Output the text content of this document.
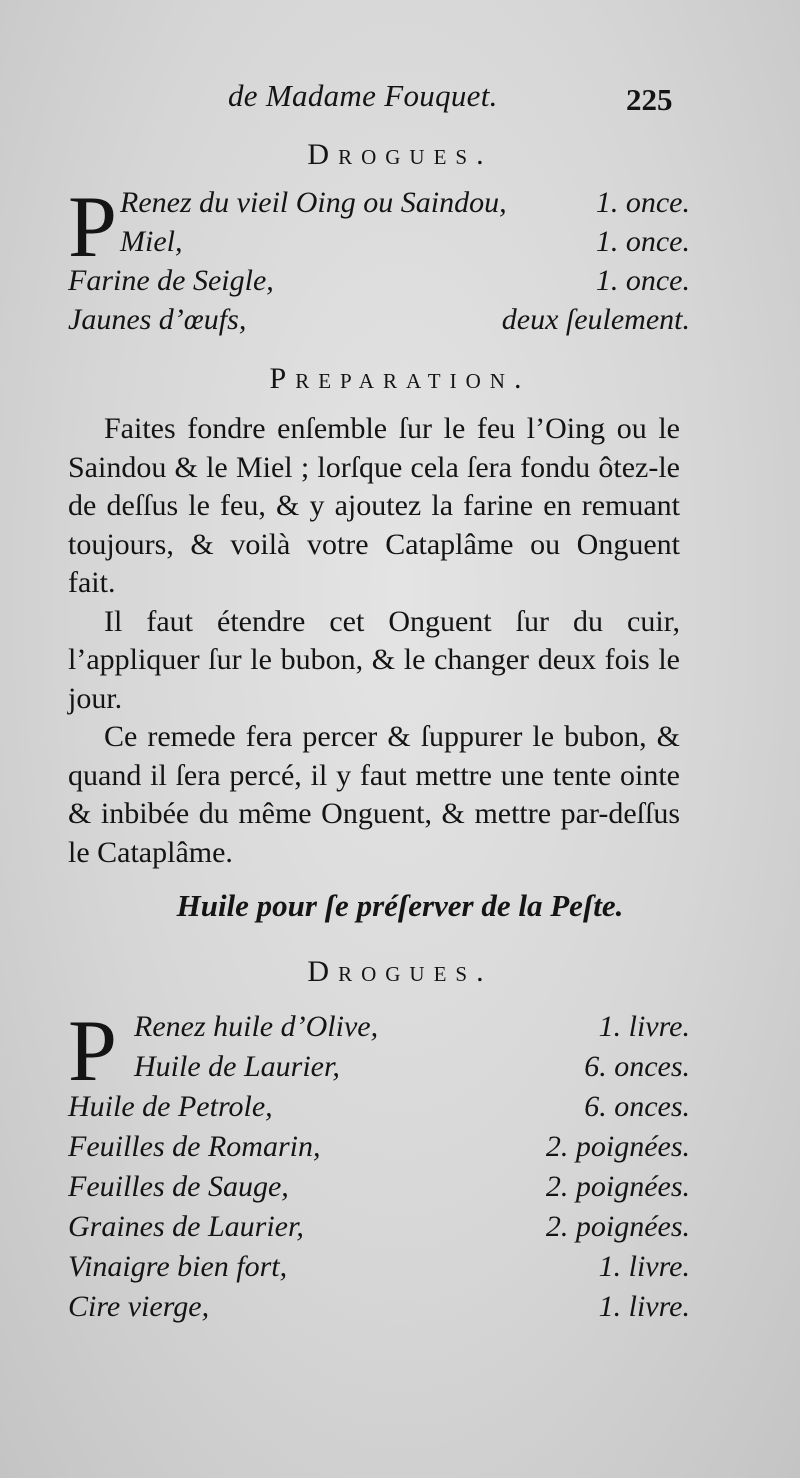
de Madame Fouquet.	225
Drogues.
P Renez du vieil Oing ou Saindou,	1. once.
Miel,	1. once.
Farine de Seigle,	1. once.
Jaunes d’œufs,	deux ſeulement.
Preparation.

Faites fondre enſemble ſur le feu l’Oing ou le Saindou & le Miel ; lorſque cela ſera fondu ôtez-le de deſſus le feu, & y ajoutez la farine en remuant toujours, & voilà votre Cataplâme ou Onguent fait.

Il faut étendre cet Onguent ſur du cuir, l’appliquer ſur le bubon, & le changer deux fois le jour.

Ce remede fera percer & ſuppurer le bubon, & quand il ſera percé, il y faut mettre une tente ointe & inbibée du même Onguent, & mettre par-deſſus le Cataplâme.

Huile pour ſe préſerver de la Peſte.
Drogues.
P Renez huile d’Olive,	1. livre.
Huile de Laurier,	6. onces.
Huile de Petrole,	6. onces.
Feuilles de Romarin,	2. poignées.
Feuilles de Sauge,	2. poignées.
Graines de Laurier,	2. poignées.
Vinaigre bien fort,	1. livre.
Cire vierge,	1. livre.
